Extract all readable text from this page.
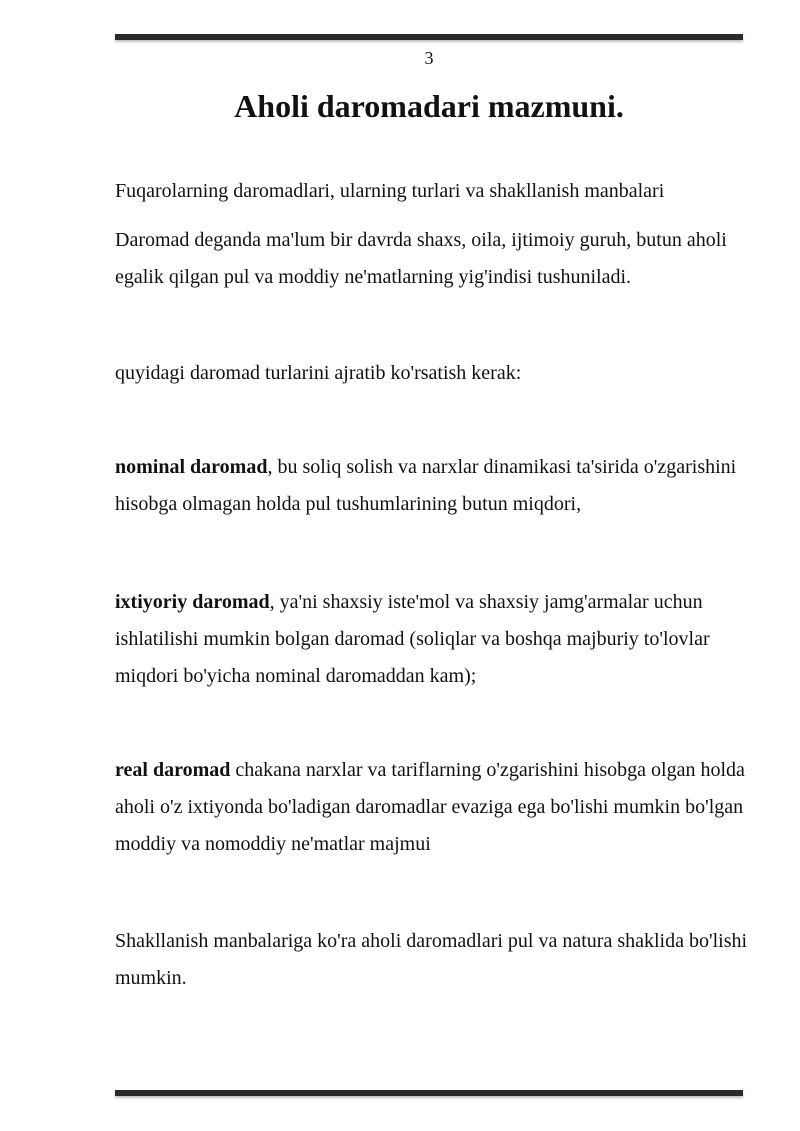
3
Aholi daromadari mazmuni.

Fuqarolarning daromadlari, ularning turlari va shakllanish manbalari

Daromad deganda ma'lum bir davrda shaxs, oila, ijtimoiy guruh, butun aholi egalik qilgan pul va moddiy ne'matlarning yig'indisi tushuniladi.

quyidagi daromad turlarini ajratib ko'rsatish kerak:

nominal daromad, bu soliq solish va narxlar dinamikasi ta'sirida o'zgarishini hisobga olmagan holda pul tushumlarining butun miqdori,

ixtiyoriy daromad, ya'ni shaxsiy iste'mol va shaxsiy jamg'armalar uchun ishlatilishi mumkin bolgan daromad (soliqlar va boshqa majburiy to'lovlar miqdori bo'yicha nominal daromaddan kam);

real daromad chakana narxlar va tariflarning o'zgarishini hisobga olgan holda aholi o'z ixtiyonda bo'ladigan daromadlar evaziga ega bo'lishi mumkin bo'lgan moddiy va nomoddiy ne'matlar majmui

Shakllanish manbalariga ko'ra aholi daromadlari pul va natura shaklida bo'lishi mumkin.
